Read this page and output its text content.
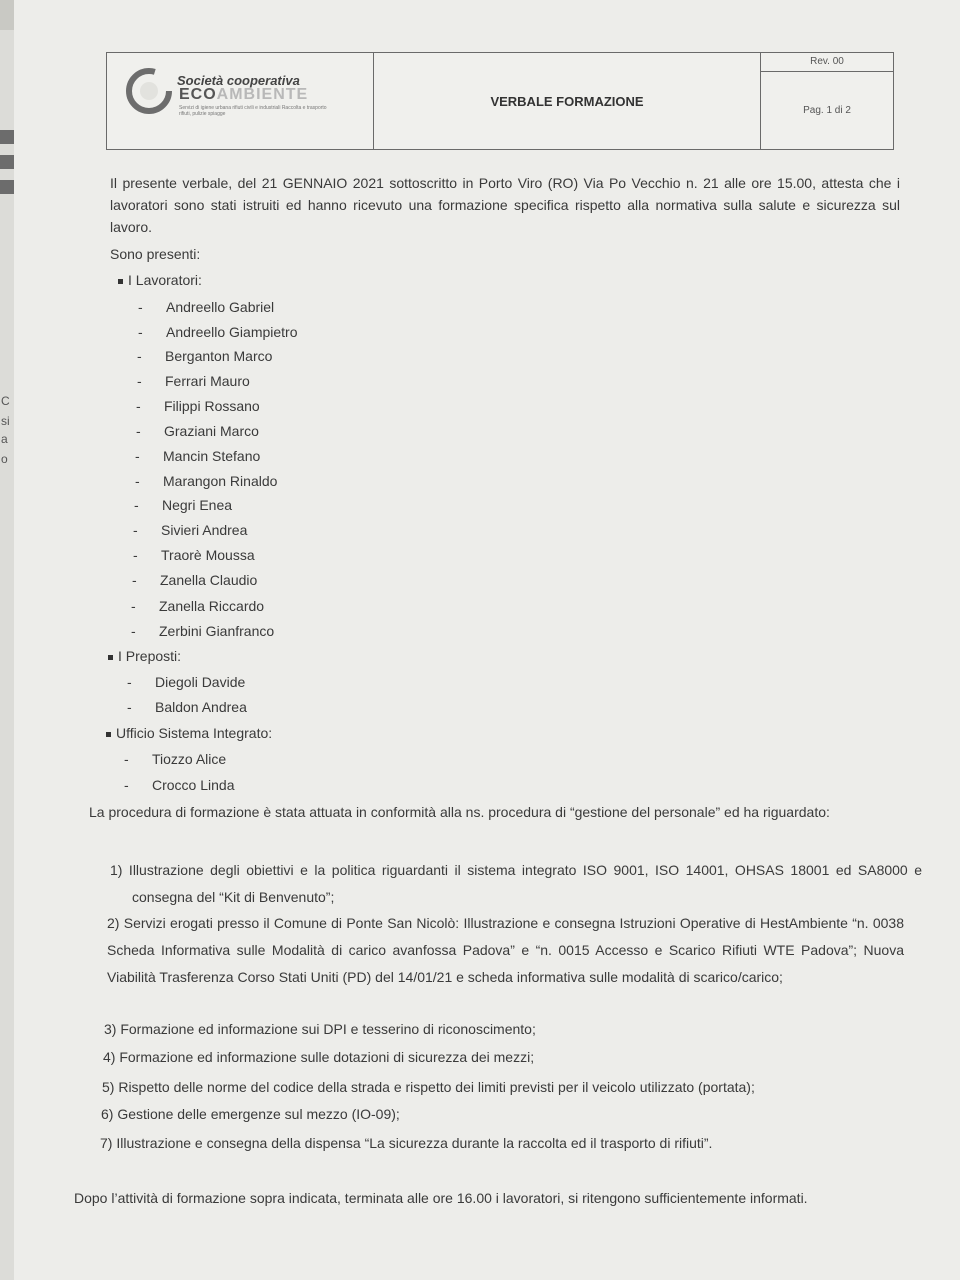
C
si
a
o
Società cooperativa
ECOAMBIENTE
Servizi di igiene urbana rifiuti civili e industriali Raccolta e trasporto rifiuti, pulizie spiagge
VERBALE FORMAZIONE
Rev. 00
Pag. 1 di 2
Il presente verbale, del 21 GENNAIO 2021 sottoscritto in Porto Viro (RO) Via Po Vecchio n. 21 alle ore 15.00, attesta che i lavoratori sono stati istruiti ed hanno ricevuto una formazione specifica rispetto alla normativa sulla salute e sicurezza sul lavoro.
Sono presenti:
I Lavoratori:
- Andreello Gabriel
- Andreello Giampietro
- Berganton Marco
- Ferrari Mauro
- Filippi Rossano
- Graziani Marco
- Mancin Stefano
- Marangon Rinaldo
- Negri Enea
- Sivieri Andrea
- Traorè Moussa
- Zanella Claudio
- Zanella Riccardo
- Zerbini Gianfranco
I Preposti:
- Diegoli Davide
- Baldon Andrea
Ufficio Sistema Integrato:
- Tiozzo Alice
- Crocco Linda
La procedura di formazione è stata attuata in conformità alla ns. procedura di “gestione del personale” ed ha riguardato:
1) Illustrazione degli obiettivi e la politica riguardanti il sistema integrato ISO 9001, ISO 14001, OHSAS 18001 ed SA8000 e consegna del “Kit di Benvenuto”;
2) Servizi erogati presso il Comune di Ponte San Nicolò: Illustrazione e consegna Istruzioni Operative di HestAmbiente “n. 0038 Scheda Informativa sulle Modalità di carico avanfossa Padova” e “n. 0015 Accesso e Scarico Rifiuti WTE Padova”; Nuova Viabilità Trasferenza Corso Stati Uniti (PD) del 14/01/21 e scheda informativa sulle modalità di scarico/carico;
3) Formazione ed informazione sui DPI e tesserino di riconoscimento;
4) Formazione ed informazione sulle dotazioni di sicurezza dei mezzi;
5) Rispetto delle norme del codice della strada e rispetto dei limiti previsti per il veicolo utilizzato (portata);
6) Gestione delle emergenze sul mezzo (IO-09);
7) Illustrazione e consegna della dispensa “La sicurezza durante la raccolta ed il trasporto di rifiuti”.
Dopo l’attività di formazione sopra indicata, terminata alle ore 16.00 i lavoratori, si ritengono sufficientemente informati.
